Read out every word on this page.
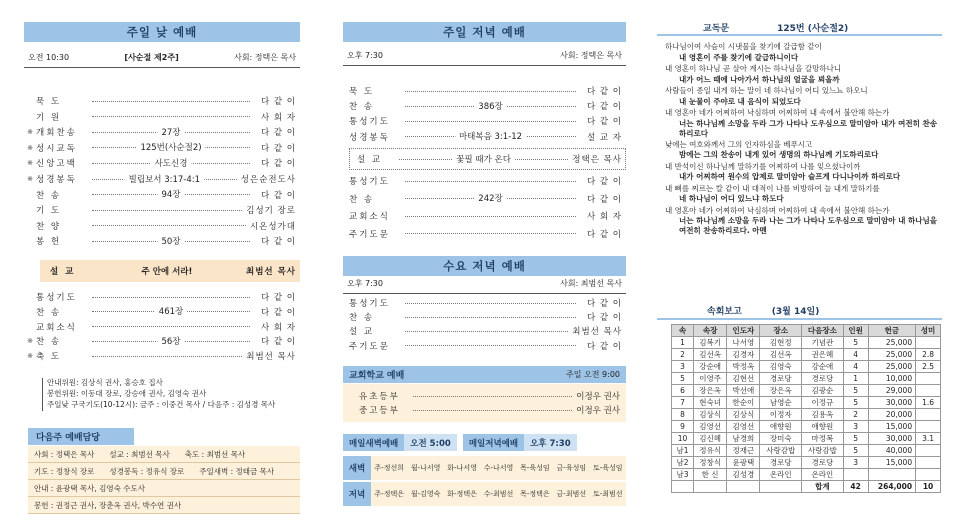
주일 낮 예배
오전 10:30	[사순절 제2주]	사회: 정택은 목사
묵 도	다 같 이
기 원	사 회 자
※ 개회찬송	27장	다 같 이
※ 성시교독	125번(사순절2)	다 같 이
※ 신앙고백	사도신경	다 같 이
※ 성경봉독	빌립보서 3:17-4:1	성은순전도사
찬 송	94장	다 같 이
기 도	김성기 장로
찬 양	시온성가대
봉 헌	50장	다 같 이
설 교	주 안에 서라!	최범선 목사
통성기도	다 같 이
찬 송	461장	다 같 이
교회소식	사 회 자
※ 찬 송	56장	다 같 이
※ 축 도	최범선 목사
안내위원: 김상식 권사, 홍승호 집사
봉헌위원: 이동대 장로, 강승애 권사, 김영숙 권사
주일낮 구국기도(10-12시): 금주 : 이중건 목사 / 다음주 : 김성경 목사
다음주 예배담당
사회 : 정택은 목사　　설교 : 최범선 목사　　축도 : 최범선 목사
기도 : 정창식 장로　　성경봉독 : 정유식 장로　　주일새벽 : 정태금 목사
안내 : 윤광택 목사, 김영숙 수도사
봉헌 : 권정근 권사, 장춘옥 권사, 박수연 권사
주일 저녁 예배
오후 7:30	사회: 정택은 목사
묵 도	다 같 이
찬 송	386장	다 같 이
통성기도	다 같 이
성경봉독	마태복음 3:1-12	설 교 자
설 교	꽃필 때가 온다	정택은 목사
통성기도	다 같 이
찬 송	242장	다 같 이
교회소식	사 회 자
주기도문	다 같 이
수요 저녁 예배
오후 7:30	사회: 최범선 목사
통성기도	다 같 이
찬 송	다 같 이
설 교	최범선 목사
주기도문	다 같 이
교회학교 예배	주일 오전 9:00
유초등부	이정우 권사
중고등부	이정우 권사
매일새벽예배	오전 5:00	매일저녁예배	오후 7:30
새벽	주-정선희 월-나서영 화-나서영 수-나서영 목-육성임 금-육성임 토-육성임
저녁	주-정택은 월-김영숙 화-정택은 수-최범선 목-정택은 금-최범선 토-최범선
교독문	125번 (사순절2)
하나님이여 사슴이 시냇물을 찾기에 갈급함 같이
내 영혼이 주를 찾기에 갈급하니이다
내 영혼이 하나님 곧 살아 계시는 하나님을 갈망하나니
내가 어느 때에 나아가서 하나님의 얼굴을 뵈올까
사람들이 종일 내게 하는 말이 네 하나님이 어디 있느뇨 하오니
내 눈물이 주야로 내 음식이 되었도다
내 영혼아 네가 어찌하여 낙심하며 어찌하여 내 속에서 불안해 하는가
너는 하나님께 소망을 두라 그가 나타나 도우심으로 말미암아 내가 여전히 찬송하리로다
낮에는 여호와께서 그의 인자하심을 베푸시고
밤에는 그의 찬송이 내게 있어 생명의 하나님께 기도하리로다
내 반석이신 하나님께 말하기를 어찌하여 나를 잊으셨나이까
내가 어찌하여 원수의 압제로 말미암아 슬프게 다니나이까 하리로다
내 뼈를 찌르는 칼 같이 내 대적이 나를 비방하여 늘 내게 말하기를
네 하나님이 어디 있느냐 하도다
내 영혼아 네가 어찌하여 낙심하며 어찌하여 내 속에서 불안해 하는가
너는 하나님께 소망을 두라 나는 그가 나타나 도우심으로 말미암아 내 하나님을 여전히 찬송하리로다. 아멘
속회보고	(3월 14일)
속	속장	인도자	장소	다음장소	인원	헌금	성미
1	김복기	나서영	김현정	기념관	5	25,000	
2	김선옥	김경자	김선옥	권은혜	4	25,000	2.8
3	강순애	박정옥	김영숙	강순애	4	25,000	2.5
5	이영주	김현선	경로당	경로당	1	10,000	
6	장은옥	박선애	장은옥	김광순	5	29,000	
7	현숙녀	한순이	남영순	이정규	5	30,000	1.6
8	김상식	김상식	이정자	김용옥	2	20,000	
9	김영선	김영선	애향원	애향원	3	15,000	
10	김신혜	남경희	장미숙	마정복	5	30,000	3.1
남1	정유식	정재근	사랑감밥	사랑감밥	5	40,000	
남2	정창식	윤광택	경로당	경로당	3	15,000	
남3	한 신	김성경	온라인	온라인			
				합계	42	264,000	10
